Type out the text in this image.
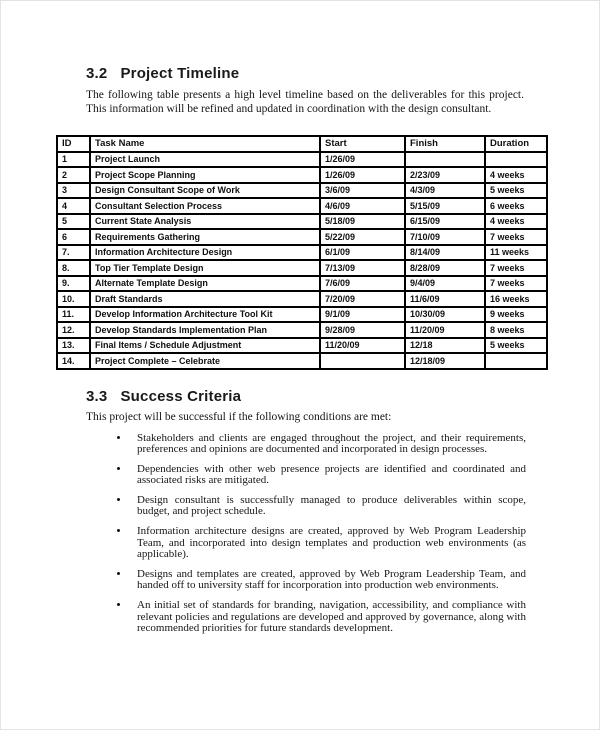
3.2 Project Timeline

The following table presents a high level timeline based on the deliverables for this project. This information will be refined and updated in coordination with the design consultant.

ID	Task Name	Start	Finish	Duration
1	Project Launch	1/26/09		
2	Project Scope Planning	1/26/09	2/23/09	4 weeks
3	Design Consultant Scope of Work	3/6/09	4/3/09	5 weeks
4	Consultant Selection Process	4/6/09	5/15/09	6 weeks
5	Current State Analysis	5/18/09	6/15/09	4 weeks
6	Requirements Gathering	5/22/09	7/10/09	7 weeks
7.	Information Architecture Design	6/1/09	8/14/09	11 weeks
8.	Top Tier Template Design	7/13/09	8/28/09	7 weeks
9.	Alternate Template Design	7/6/09	9/4/09	7 weeks
10.	Draft Standards	7/20/09	11/6/09	16 weeks
11.	Develop Information Architecture Tool Kit	9/1/09	10/30/09	9 weeks
12.	Develop Standards Implementation Plan	9/28/09	11/20/09	8 weeks
13.	Final Items / Schedule Adjustment	11/20/09	12/18	5 weeks
14.	Project Complete – Celebrate		12/18/09	
3.3 Success Criteria

This project will be successful if the following conditions are met:

• Stakeholders and clients are engaged throughout the project, and their requirements, preferences and opinions are documented and incorporated in design processes.
• Dependencies with other web presence projects are identified and coordinated and associated risks are mitigated.
• Design consultant is successfully managed to produce deliverables within scope, budget, and project schedule.
• Information architecture designs are created, approved by Web Program Leadership Team, and incorporated into design templates and production web environments (as applicable).
• Designs and templates are created, approved by Web Program Leadership Team, and handed off to university staff for incorporation into production web environments.
• An initial set of standards for branding, navigation, accessibility, and compliance with relevant policies and regulations are developed and approved by governance, along with recommended priorities for future standards development.
